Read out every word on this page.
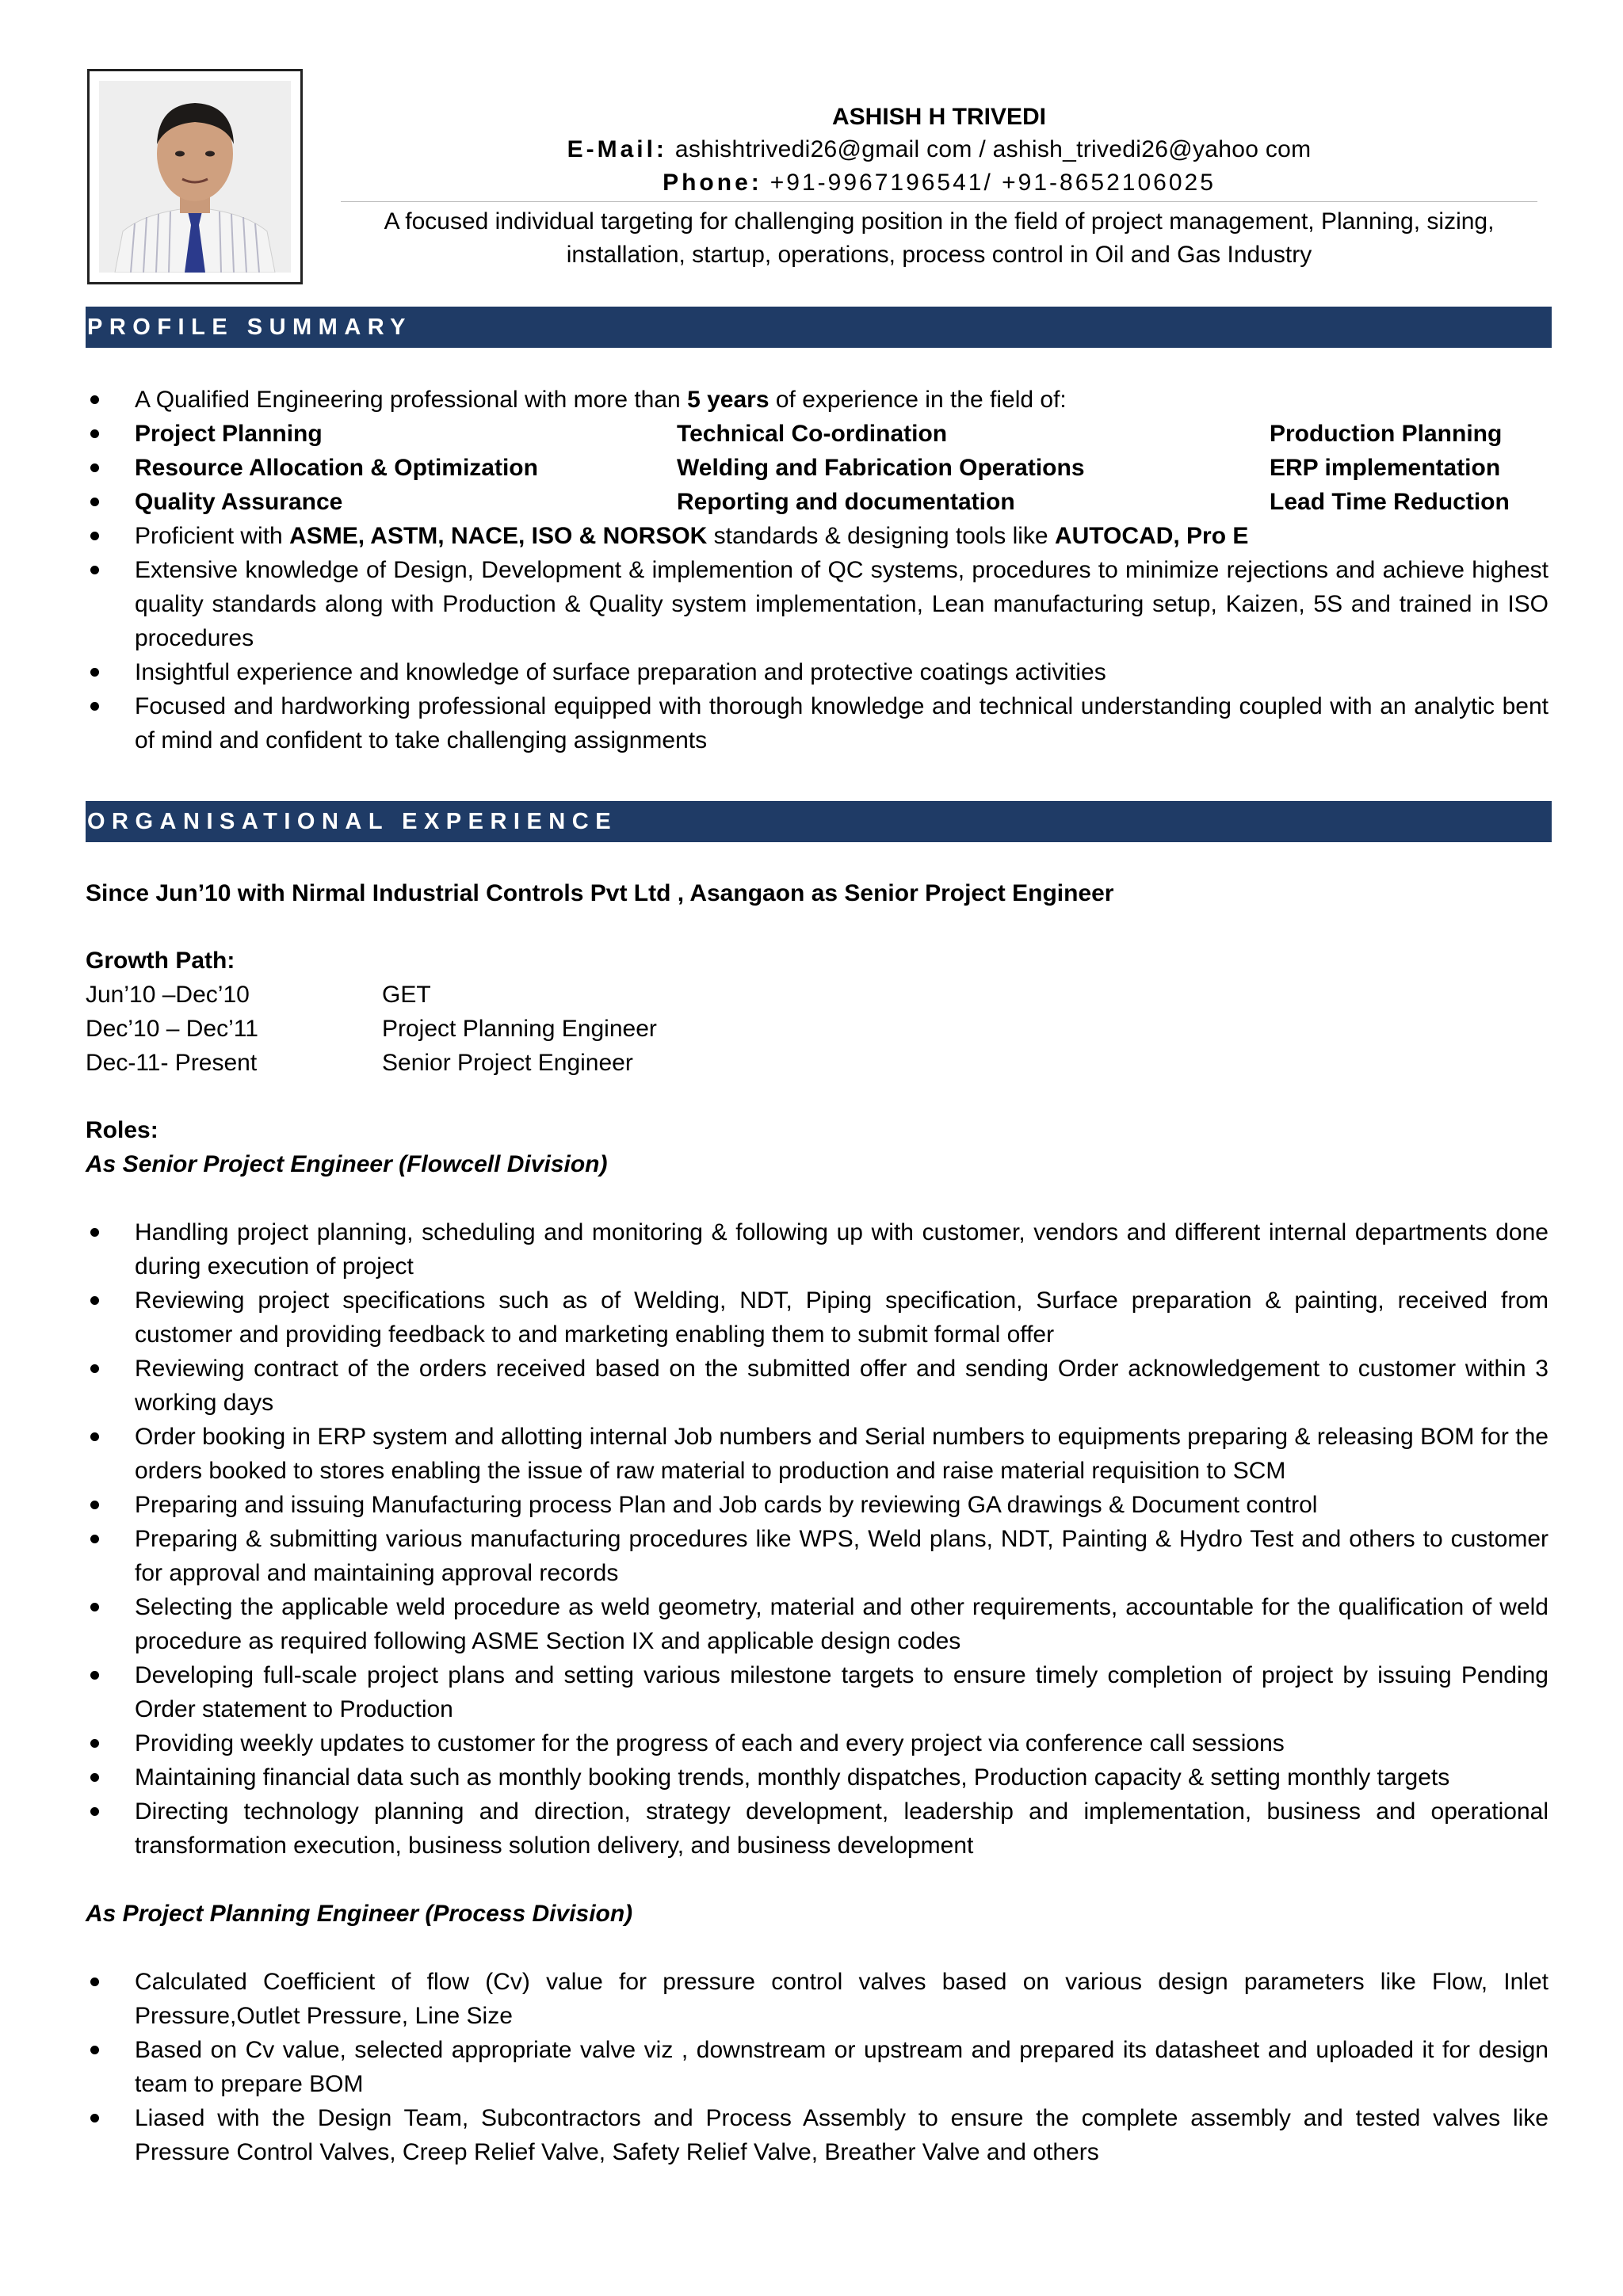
ASHISH H TRIVEDI
E-Mail: ashishtrivedi26@gmail com / ashish_trivedi26@yahoo com
Phone: +91-9967196541/ +91-8652106025
A focused individual targeting for challenging position in the field of project management, Planning, sizing, installation, startup, operations, process control in Oil and Gas Industry
PROFILE SUMMARY
A Qualified Engineering professional with more than 5 years of experience in the field of:
Project Planning	Technical Co-ordination	Production Planning
Resource Allocation & Optimization	Welding and Fabrication Operations	ERP implementation
Quality Assurance	Reporting and documentation	Lead Time Reduction
Proficient with ASME, ASTM, NACE, ISO & NORSOK standards & designing tools like AUTOCAD, Pro E
Extensive knowledge of Design, Development & implemention of QC systems, procedures to minimize rejections and achieve highest quality standards along with Production & Quality system implementation, Lean manufacturing setup, Kaizen, 5S and trained in ISO procedures
Insightful experience and knowledge of surface preparation and protective coatings activities
Focused and hardworking professional equipped with thorough knowledge and technical understanding coupled with an analytic bent of mind and confident to take challenging assignments
ORGANISATIONAL EXPERIENCE
Since Jun’10 with Nirmal Industrial Controls Pvt Ltd , Asangaon as Senior Project Engineer
Growth Path:
Jun’10 –Dec’10	GET
Dec’10 – Dec’11	Project Planning Engineer
Dec-11- Present	Senior Project Engineer
Roles:
As Senior Project Engineer (Flowcell Division)
Handling project planning, scheduling and monitoring & following up with customer, vendors and different internal departments done during execution of project
Reviewing project specifications such as of Welding, NDT, Piping specification, Surface preparation & painting, received from customer and providing feedback to and marketing enabling them to submit formal offer
Reviewing contract of the orders received based on the submitted offer and sending Order acknowledgement to customer within 3 working days
Order booking in ERP system and allotting internal Job numbers and Serial numbers to equipments preparing & releasing BOM for the orders booked to stores enabling the issue of raw material to production and raise material requisition to SCM
Preparing and issuing Manufacturing process Plan and Job cards by reviewing GA drawings & Document control
Preparing & submitting various manufacturing procedures like WPS, Weld plans, NDT, Painting & Hydro Test and others to customer for approval and maintaining approval records
Selecting the applicable weld procedure as weld geometry, material and other requirements, accountable for the qualification of weld procedure as required following ASME Section IX and applicable design codes
Developing full-scale project plans and setting various milestone targets to ensure timely completion of project by issuing Pending Order statement to Production
Providing weekly updates to customer for the progress of each and every project via conference call sessions
Maintaining financial data such as monthly booking trends, monthly dispatches, Production capacity & setting monthly targets
Directing technology planning and direction, strategy development, leadership and implementation, business and operational transformation execution, business solution delivery, and business development
As Project Planning Engineer (Process Division)
Calculated Coefficient of flow (Cv) value for pressure control valves based on various design parameters like Flow, Inlet Pressure,Outlet Pressure, Line Size
Based on Cv value, selected appropriate valve viz , downstream or upstream and prepared its datasheet and uploaded it for design team to prepare BOM
Liased with the Design Team, Subcontractors and Process Assembly to ensure the complete assembly and tested valves like Pressure Control Valves, Creep Relief Valve, Safety Relief Valve, Breather Valve and others
